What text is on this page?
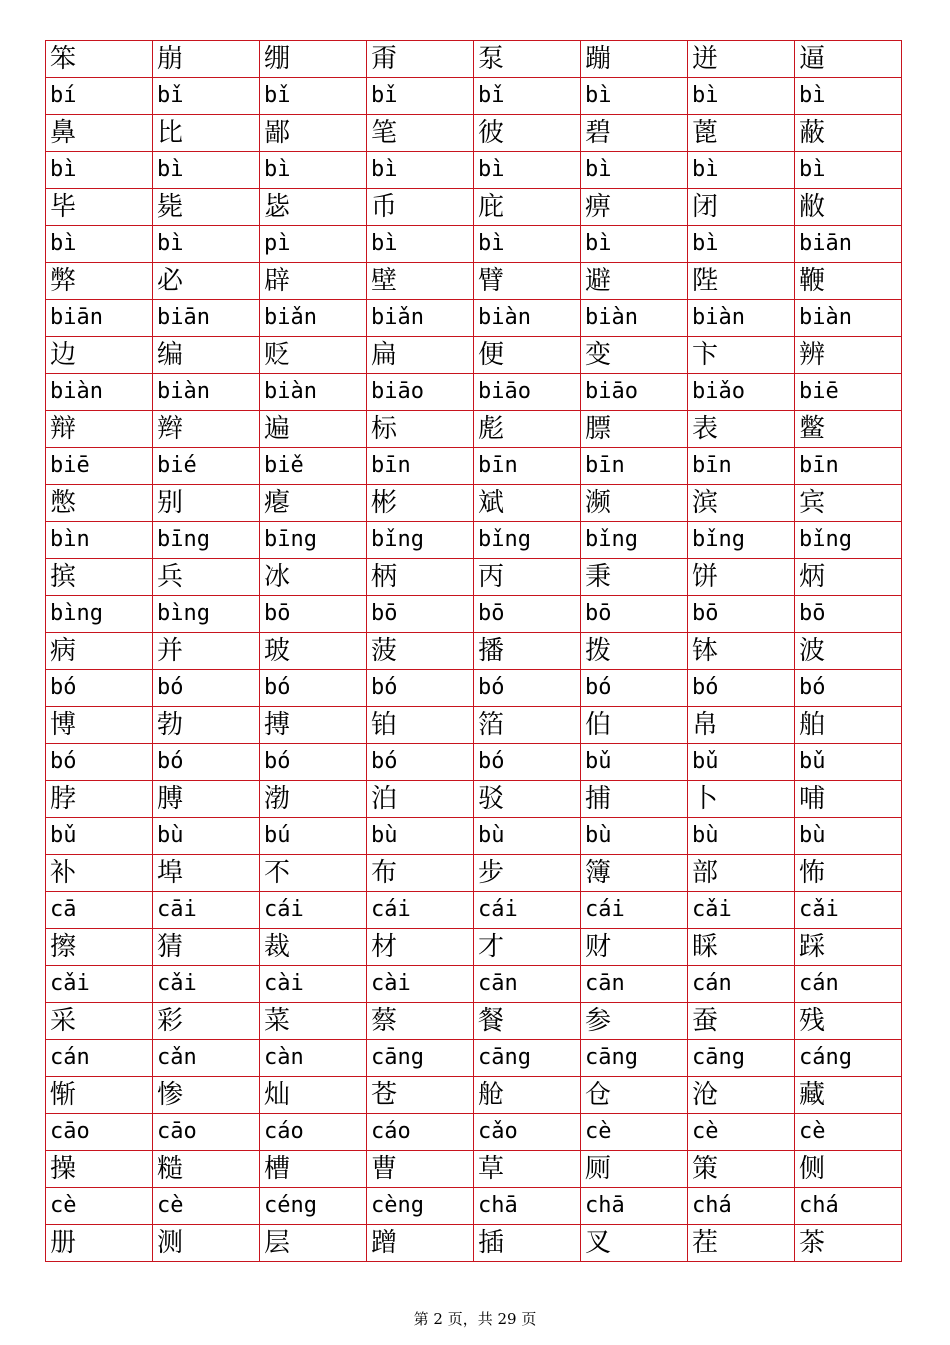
笨	崩	绷	甭	泵	蹦	迸	逼
bí	bǐ	bǐ	bǐ	bǐ	bì	bì	bì
鼻	比	鄙	笔	彼	碧	蓖	蔽
bì	bì	bì	bì	bì	bì	bì	bì
毕	毙	毖	币	庇	痹	闭	敝
bì	bì	pì	bì	bì	bì	bì	biān
弊	必	辟	壁	臂	避	陛	鞭
biān	biān	biǎn	biǎn	biàn	biàn	biàn	biàn
边	编	贬	扁	便	变	卞	辨
biàn	biàn	biàn	biāo	biāo	biāo	biǎo	biē
辩	辫	遍	标	彪	膘	表	鳖
biē	bié	biě	bīn	bīn	bīn	bīn	bīn
憋	别	瘪	彬	斌	濒	滨	宾
bìn	bīng	bīng	bǐng	bǐng	bǐng	bǐng	bǐng
摈	兵	冰	柄	丙	秉	饼	炳
bìng	bìng	bō	bō	bō	bō	bō	bō
病	并	玻	菠	播	拨	钵	波
bó	bó	bó	bó	bó	bó	bó	bó
博	勃	搏	铂	箔	伯	帛	舶
bó	bó	bó	bó	bó	bǔ	bǔ	bǔ
脖	膊	渤	泊	驳	捕	卜	哺
bǔ	bù	bú	bù	bù	bù	bù	bù
补	埠	不	布	步	簿	部	怖
cā	cāi	cái	cái	cái	cái	cǎi	cǎi
擦	猜	裁	材	才	财	睬	踩
cǎi	cǎi	cài	cài	cān	cān	cán	cán
采	彩	菜	蔡	餐	参	蚕	残
cán	cǎn	càn	cāng	cāng	cāng	cāng	cáng
惭	惨	灿	苍	舱	仓	沧	藏
cāo	cāo	cáo	cáo	cǎo	cè	cè	cè
操	糙	槽	曹	草	厕	策	侧
cè	cè	céng	cèng	chā	chā	chá	chá
册	测	层	蹭	插	叉	茬	茶
第 2 页，共 29 页
